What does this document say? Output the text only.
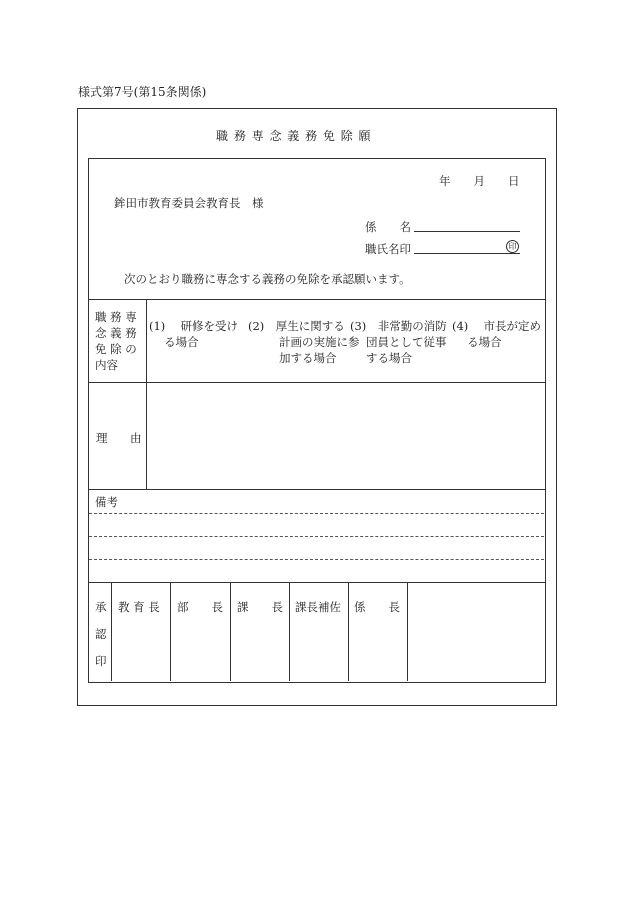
様式第7号(第15条関係)
職 務 専 念 義 務 免 除 願
年　　月　　日
鉾田市教育委員会教育長　様
係　　名
職氏名印	印
次のとおり職務に専念する義務の免除を承認願います。
職 務 専
念 義 務
免 除 の
内容
(1)　 研修を受け
　 る場合
(2)　厚生に関する
計画の実施に参
加する場合
(3)　非常勤の消防
団員として従事
する場合
(4)　 市長が定め
　 る場合
理 由
備考
承
認
印
教 育 長 部　　長 課　　長 課長補佐 係　　長
